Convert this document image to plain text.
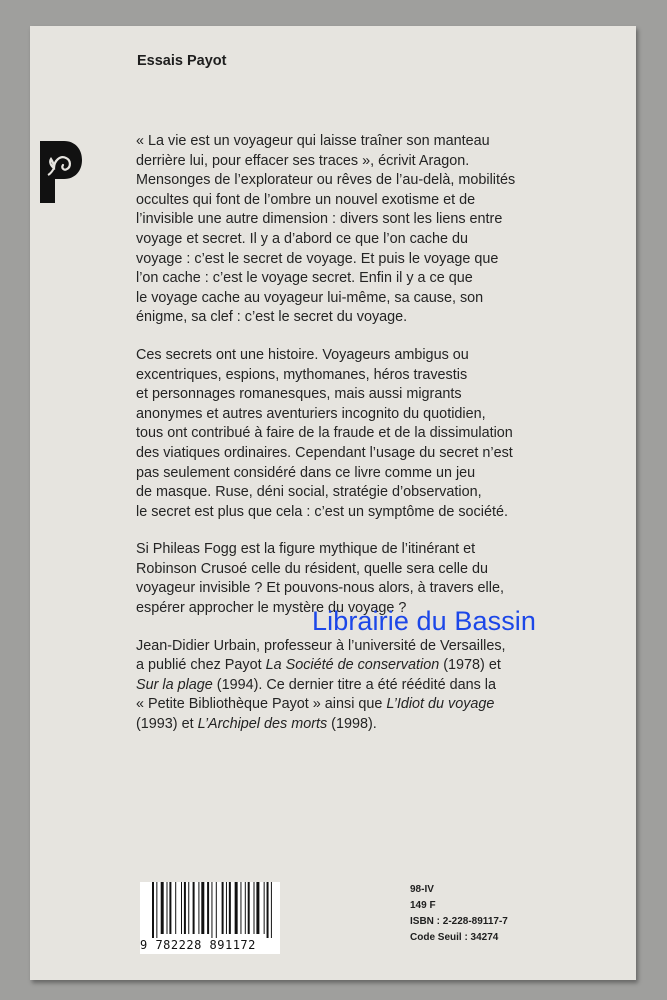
Essais Payot

« La vie est un voyageur qui laisse traîner son manteau
derrière lui, pour effacer ses traces », écrivit Aragon.
Mensonges de l’explorateur ou rêves de l’au-delà, mobilités
occultes qui font de l’ombre un nouvel exotisme et de
l’invisible une autre dimension : divers sont les liens entre
voyage et secret. Il y a d’abord ce que l’on cache du
voyage : c’est le secret de voyage. Et puis le voyage que
l’on cache : c’est le voyage secret. Enfin il y a ce que
le voyage cache au voyageur lui-même, sa cause, son
énigme, sa clef : c’est le secret du voyage.

Ces secrets ont une histoire. Voyageurs ambigus ou
excentriques, espions, mythomanes, héros travestis
et personnages romanesques, mais aussi migrants
anonymes et autres aventuriers incognito du quotidien,
tous ont contribué à faire de la fraude et de la dissimulation
des viatiques ordinaires. Cependant l’usage du secret n’est
pas seulement considéré dans ce livre comme un jeu
de masque. Ruse, déni social, stratégie d’observation,
le secret est plus que cela : c’est un symptôme de société.

Si Phileas Fogg est la figure mythique de l’itinérant et
Robinson Crusoé celle du résident, quelle sera celle du
voyageur invisible ? Et pouvons-nous alors, à travers elle,
espérer approcher le mystère du voyage ?

Jean-Didier Urbain, professeur à l’université de Versailles,
a publié chez Payot La Société de conservation (1978) et
Sur la plage (1994). Ce dernier titre a été réédité dans la
« Petite Bibliothèque Payot » ainsi que L’Idiot du voyage
(1993) et L’Archipel des morts (1998).

Librairie du Bassin
9 782228 891172
98-IV
149 F
ISBN : 2-228-89117-7
Code Seuil : 34274
